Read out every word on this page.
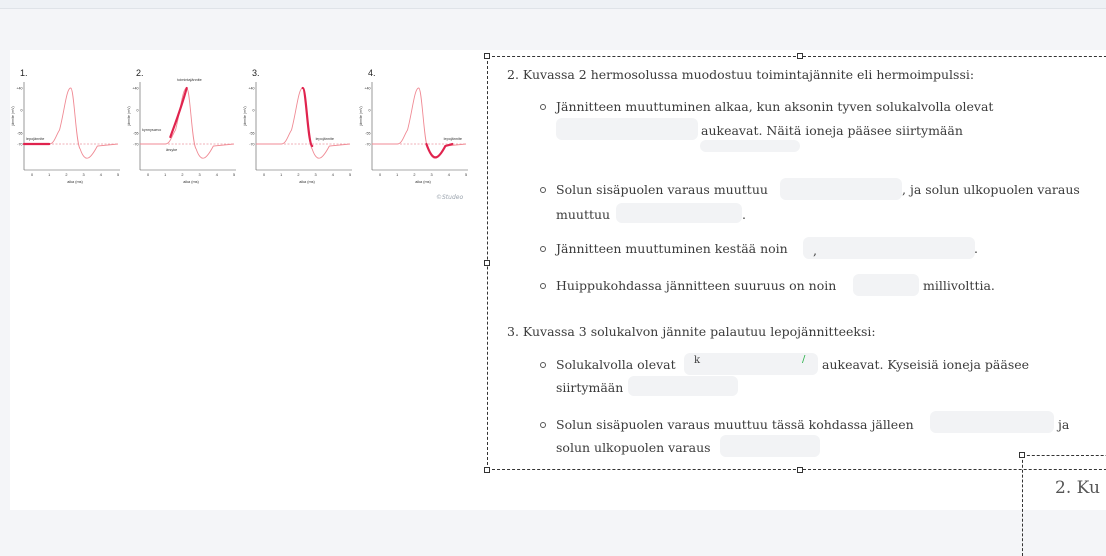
1.
+40
0
-55
-70
0	1	2	3	4	5
aika (ms)
jännite (mV)
lepojännite
2.
+40
0
-55
-70
0	1	2	3	4	5
aika (ms)
jännite (mV)
toimintajännite
kynnysarvo
ärsyke
3.
+40
0
-55
-70
0	1	2	3	4	5
aika (ms)
jännite (mV)
lepojännite
4.
+40
0
-55
-70
0	1	2	3	4	5
aika (ms)
jännite (mV)
lepojännite
©Studeo
2. Kuvassa 2 hermosolussa muodostuu toimintajännite eli hermoimpulssi:
Jännitteen muuttuminen alkaa, kun aksonin tyven solukalvolla olevat
aukeavat. Näitä ioneja pääsee siirtymään
Solun sisäpuolen varaus muuttuu	, ja solun ulkopuolen varaus
muuttuu	.
Jännitteen muuttuminen kestää noin ,	.
Huippukohdassa jännitteen suuruus on noin	millivolttia.
3. Kuvassa 3 solukalvon jännite palautuu lepojännitteeksi:
Solukalvolla olevat k	/ aukeavat. Kyseisiä ioneja pääsee
siirtymään
Solun sisäpuolen varaus muuttuu tässä kohdassa jälleen	ja
solun ulkopuolen varaus
2. Ku
